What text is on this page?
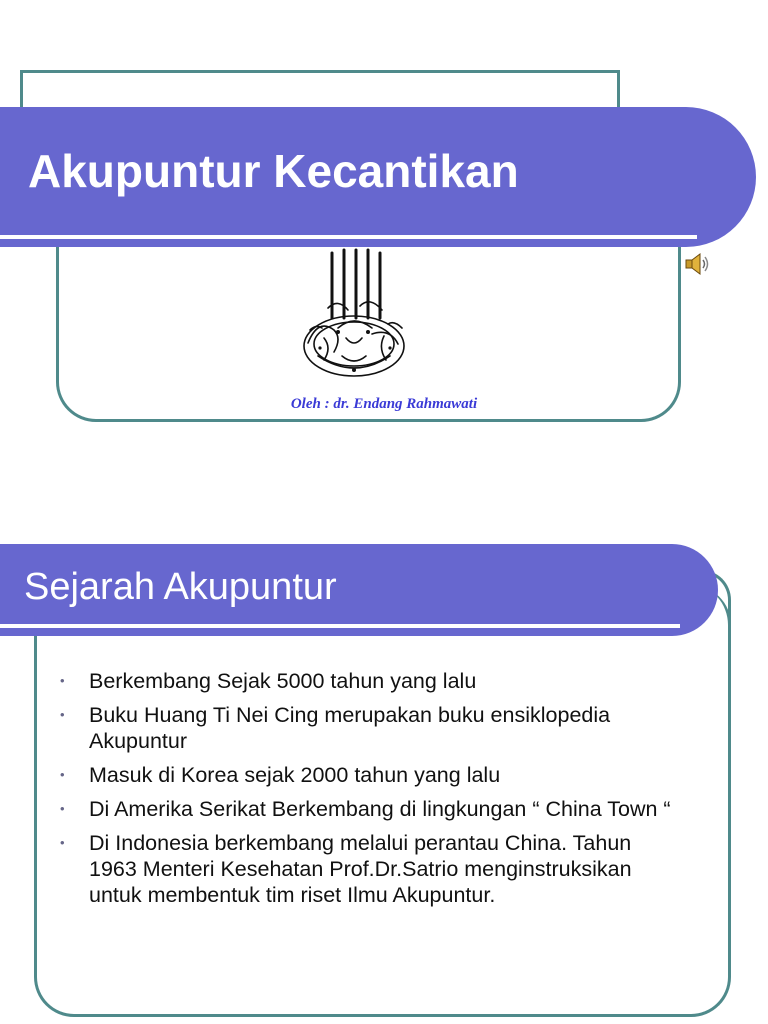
Akupuntur Kecantikan
Oleh : dr. Endang Rahmawati
Sejarah Akupuntur
• Berkembang Sejak 5000 tahun yang lalu
• Buku Huang Ti Nei Cing merupakan buku ensiklopedia Akupuntur
• Masuk di Korea sejak 2000 tahun yang lalu
• Di Amerika Serikat Berkembang di lingkungan “ China Town “
• Di Indonesia berkembang melalui perantau China. Tahun 1963 Menteri Kesehatan Prof.Dr.Satrio menginstruksikan untuk membentuk tim riset Ilmu Akupuntur.
